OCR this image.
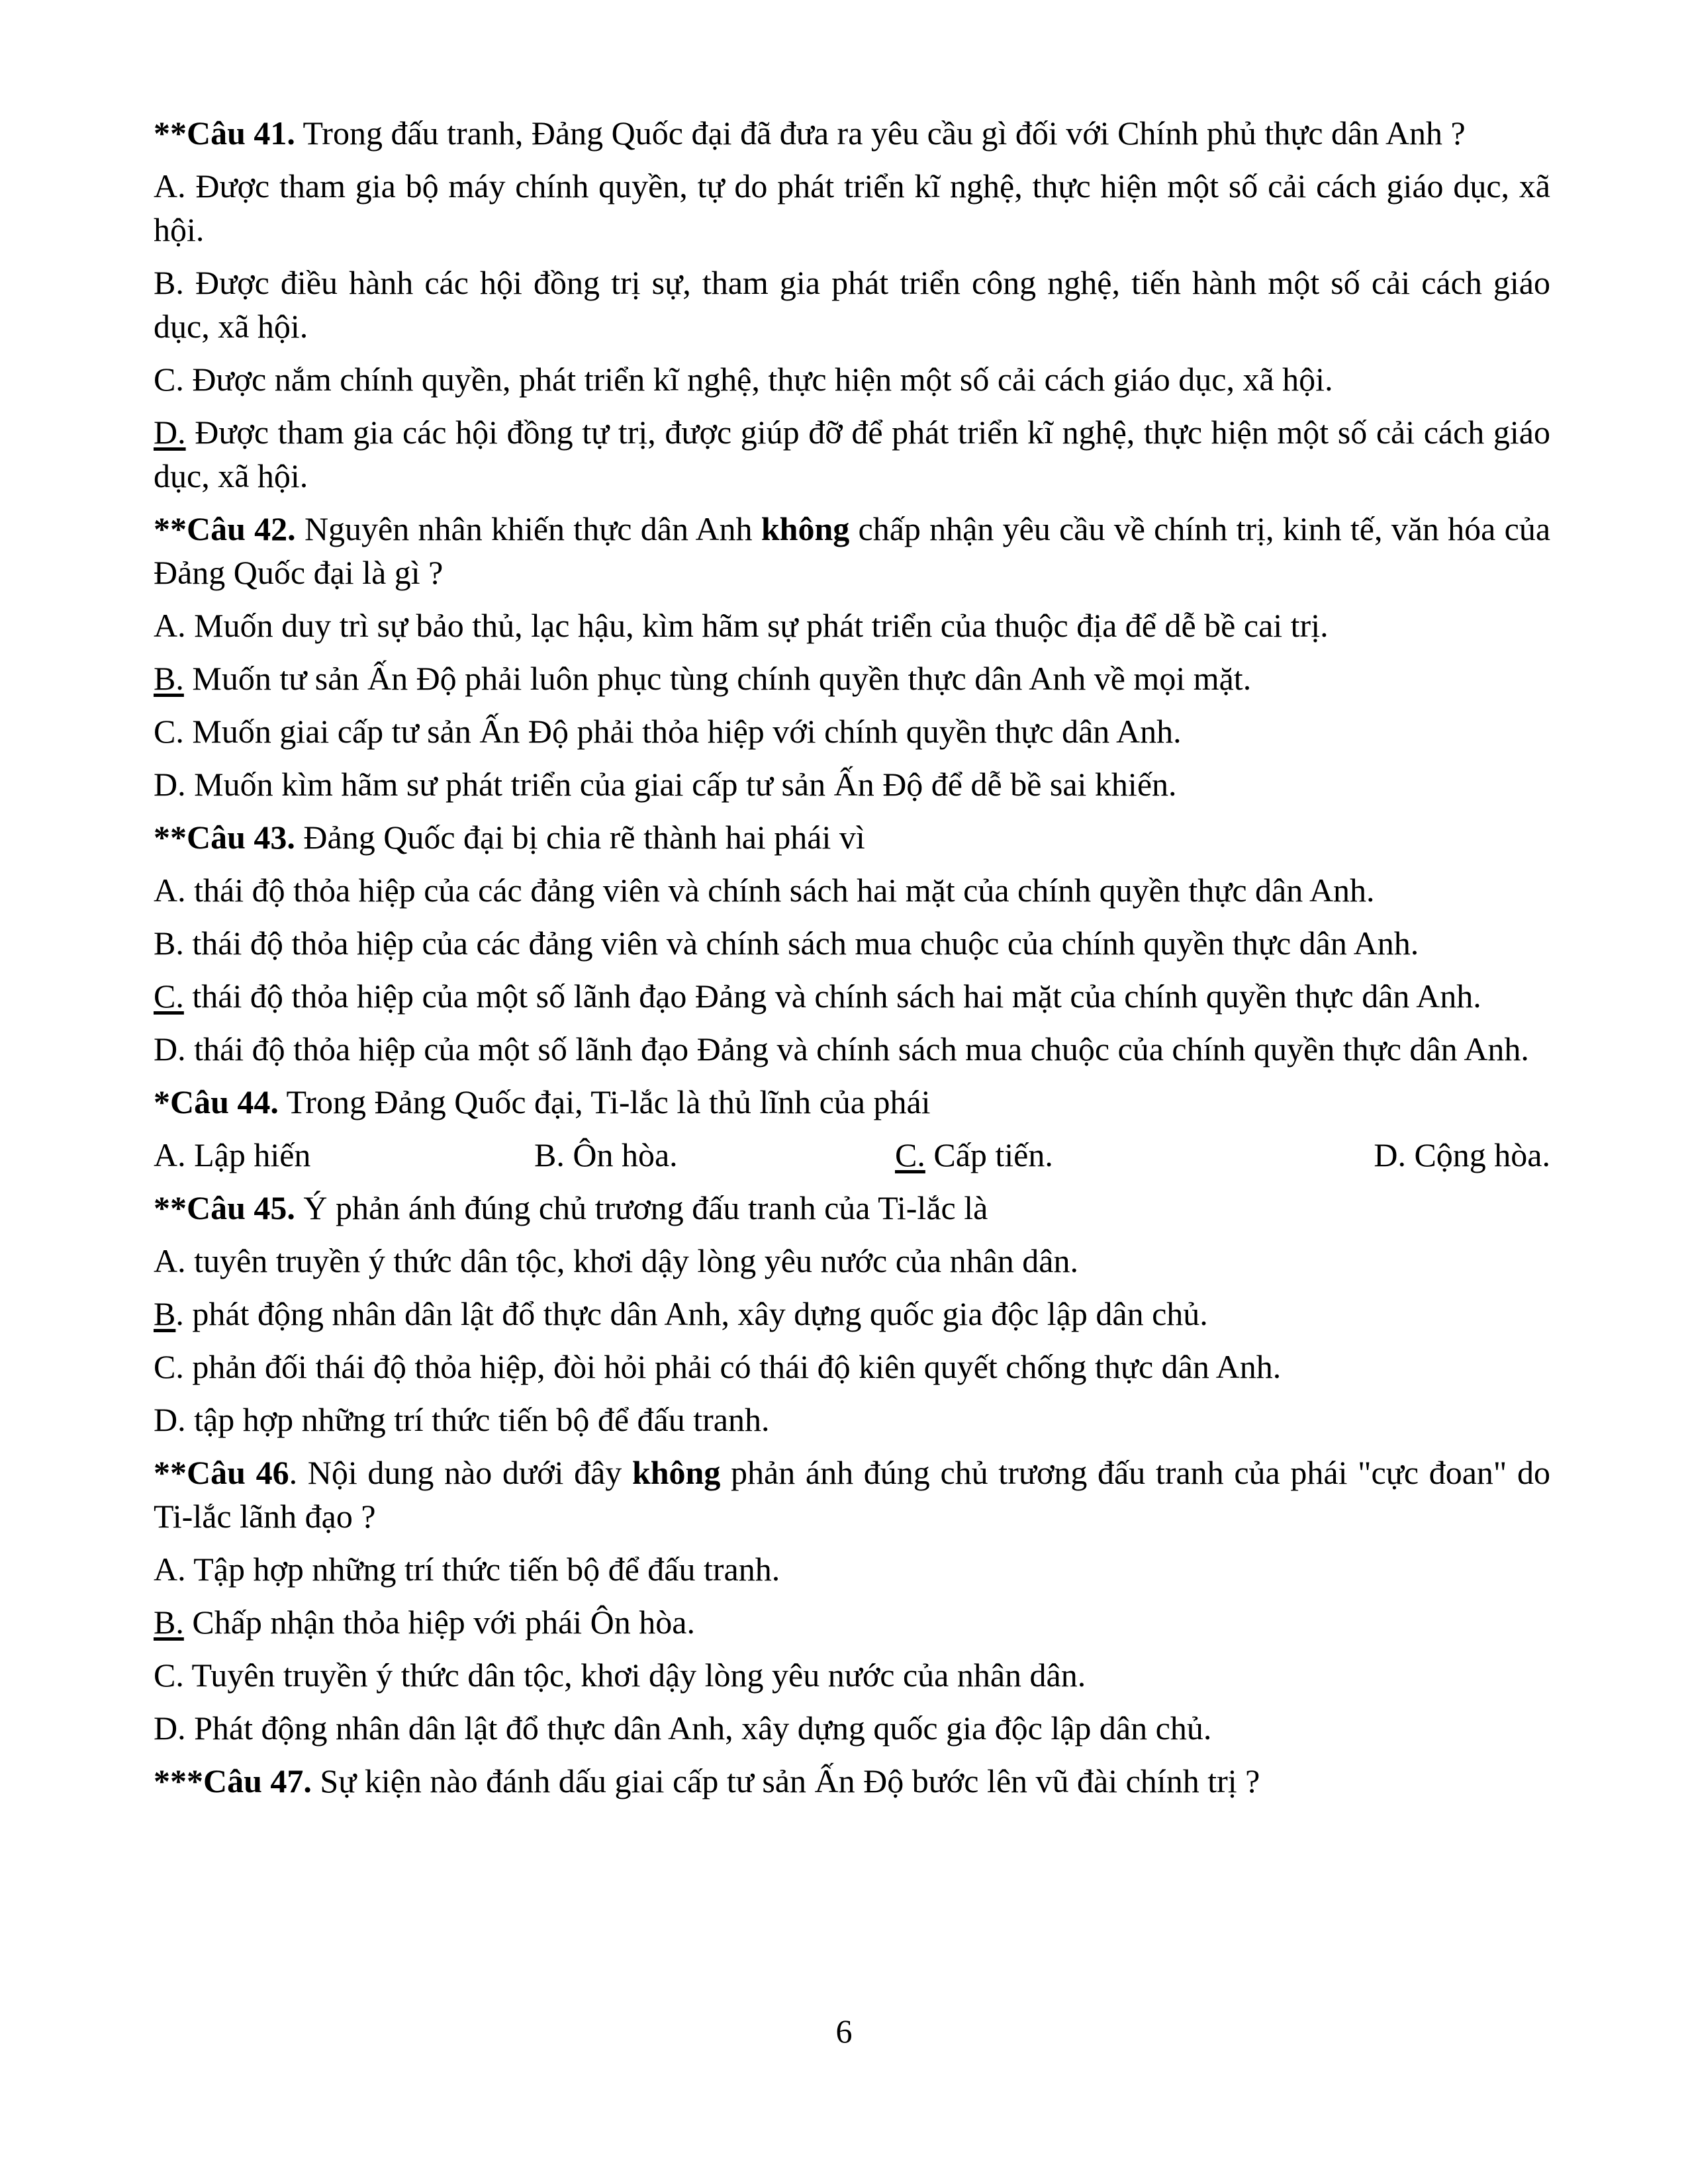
**Câu 41. Trong đấu tranh, Đảng Quốc đại đã đưa ra yêu cầu gì đối với Chính phủ thực dân Anh ?
A. Được tham gia bộ máy chính quyền, tự do phát triển kĩ nghệ, thực hiện một số cải cách giáo dục, xã hội.
B. Được điều hành các hội đồng trị sự, tham gia phát triển công nghệ, tiến hành một số cải cách giáo dục, xã hội.
C. Được nắm chính quyền, phát triển kĩ nghệ, thực hiện một số cải cách giáo dục, xã hội.
D. Được tham gia các hội đồng tự trị, được giúp đỡ để phát triển kĩ nghệ, thực hiện một số cải cách giáo dục, xã hội.
**Câu 42. Nguyên nhân khiến thực dân Anh không chấp nhận yêu cầu về chính trị, kinh tế, văn hóa của Đảng Quốc đại là gì ?
A. Muốn duy trì sự bảo thủ, lạc hậu, kìm hãm sự phát triển của thuộc địa để dễ bề cai trị.
B. Muốn tư sản Ấn Độ phải luôn phục tùng chính quyền thực dân Anh về mọi mặt.
C. Muốn giai cấp tư sản Ấn Độ phải thỏa hiệp với chính quyền thực dân Anh.
D. Muốn kìm hãm sư phát triển của giai cấp tư sản Ấn Độ để dễ bề sai khiến.
**Câu 43. Đảng Quốc đại bị chia rẽ thành hai phái vì
A. thái độ thỏa hiệp của các đảng viên và chính sách hai mặt của chính quyền thực dân Anh.
B. thái độ thỏa hiệp của các đảng viên và chính sách mua chuộc của chính quyền thực dân Anh.
C. thái độ thỏa hiệp của một số lãnh đạo Đảng và chính sách hai mặt của chính quyền thực dân Anh.
D. thái độ thỏa hiệp của một số lãnh đạo Đảng và chính sách mua chuộc của chính quyền thực dân Anh.
*Câu 44. Trong Đảng Quốc đại, Ti-lắc là thủ lĩnh của phái
A. Lập hiến	B. Ôn hòa.	C. Cấp tiến.	D. Cộng hòa.
**Câu 45. Ý phản ánh đúng chủ trương đấu tranh của Ti-lắc là
A. tuyên truyền ý thức dân tộc, khơi dậy lòng yêu nước của nhân dân.
B. phát động nhân dân lật đổ thực dân Anh, xây dựng quốc gia độc lập dân chủ.
C. phản đối thái độ thỏa hiệp, đòi hỏi phải có thái độ kiên quyết chống thực dân Anh.
D. tập hợp những trí thức tiến bộ để đấu tranh.
**Câu 46. Nội dung nào dưới đây không phản ánh đúng chủ trương đấu tranh của phái "cực đoan" do Ti-lắc lãnh đạo ?
A. Tập hợp những trí thức tiến bộ để đấu tranh.
B. Chấp nhận thỏa hiệp với phái Ôn hòa.
C. Tuyên truyền ý thức dân tộc, khơi dậy lòng yêu nước của nhân dân.
D. Phát động nhân dân lật đổ thực dân Anh, xây dựng quốc gia độc lập dân chủ.
***Câu 47. Sự kiện nào đánh dấu giai cấp tư sản Ấn Độ bước lên vũ đài chính trị ?
6
